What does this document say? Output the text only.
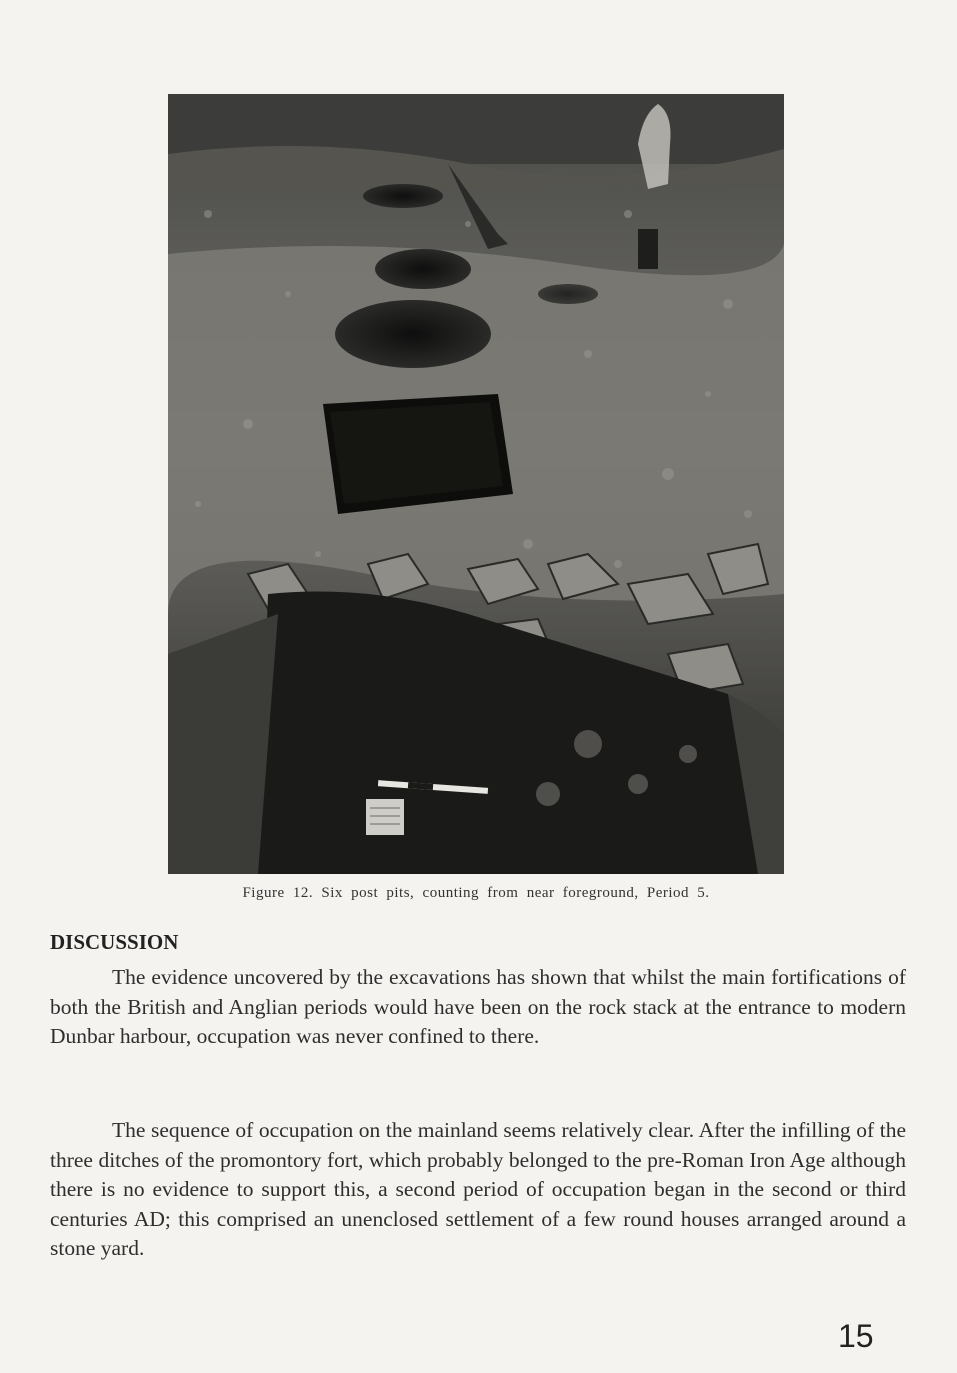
Figure 12. Six post pits, counting from near foreground, Period 5.
DISCUSSION

The evidence uncovered by the excavations has shown that whilst the main fortifications of both the British and Anglian periods would have been on the rock stack at the entrance to modern Dunbar harbour, occupation was never confined to there.

The sequence of occupation on the mainland seems relatively clear. After the infilling of the three ditches of the promontory fort, which probably belonged to the pre-Roman Iron Age although there is no evidence to support this, a second period of occupation began in the second or third centuries AD; this comprised an unenclosed settlement of a few round houses arranged around a stone yard.

15
